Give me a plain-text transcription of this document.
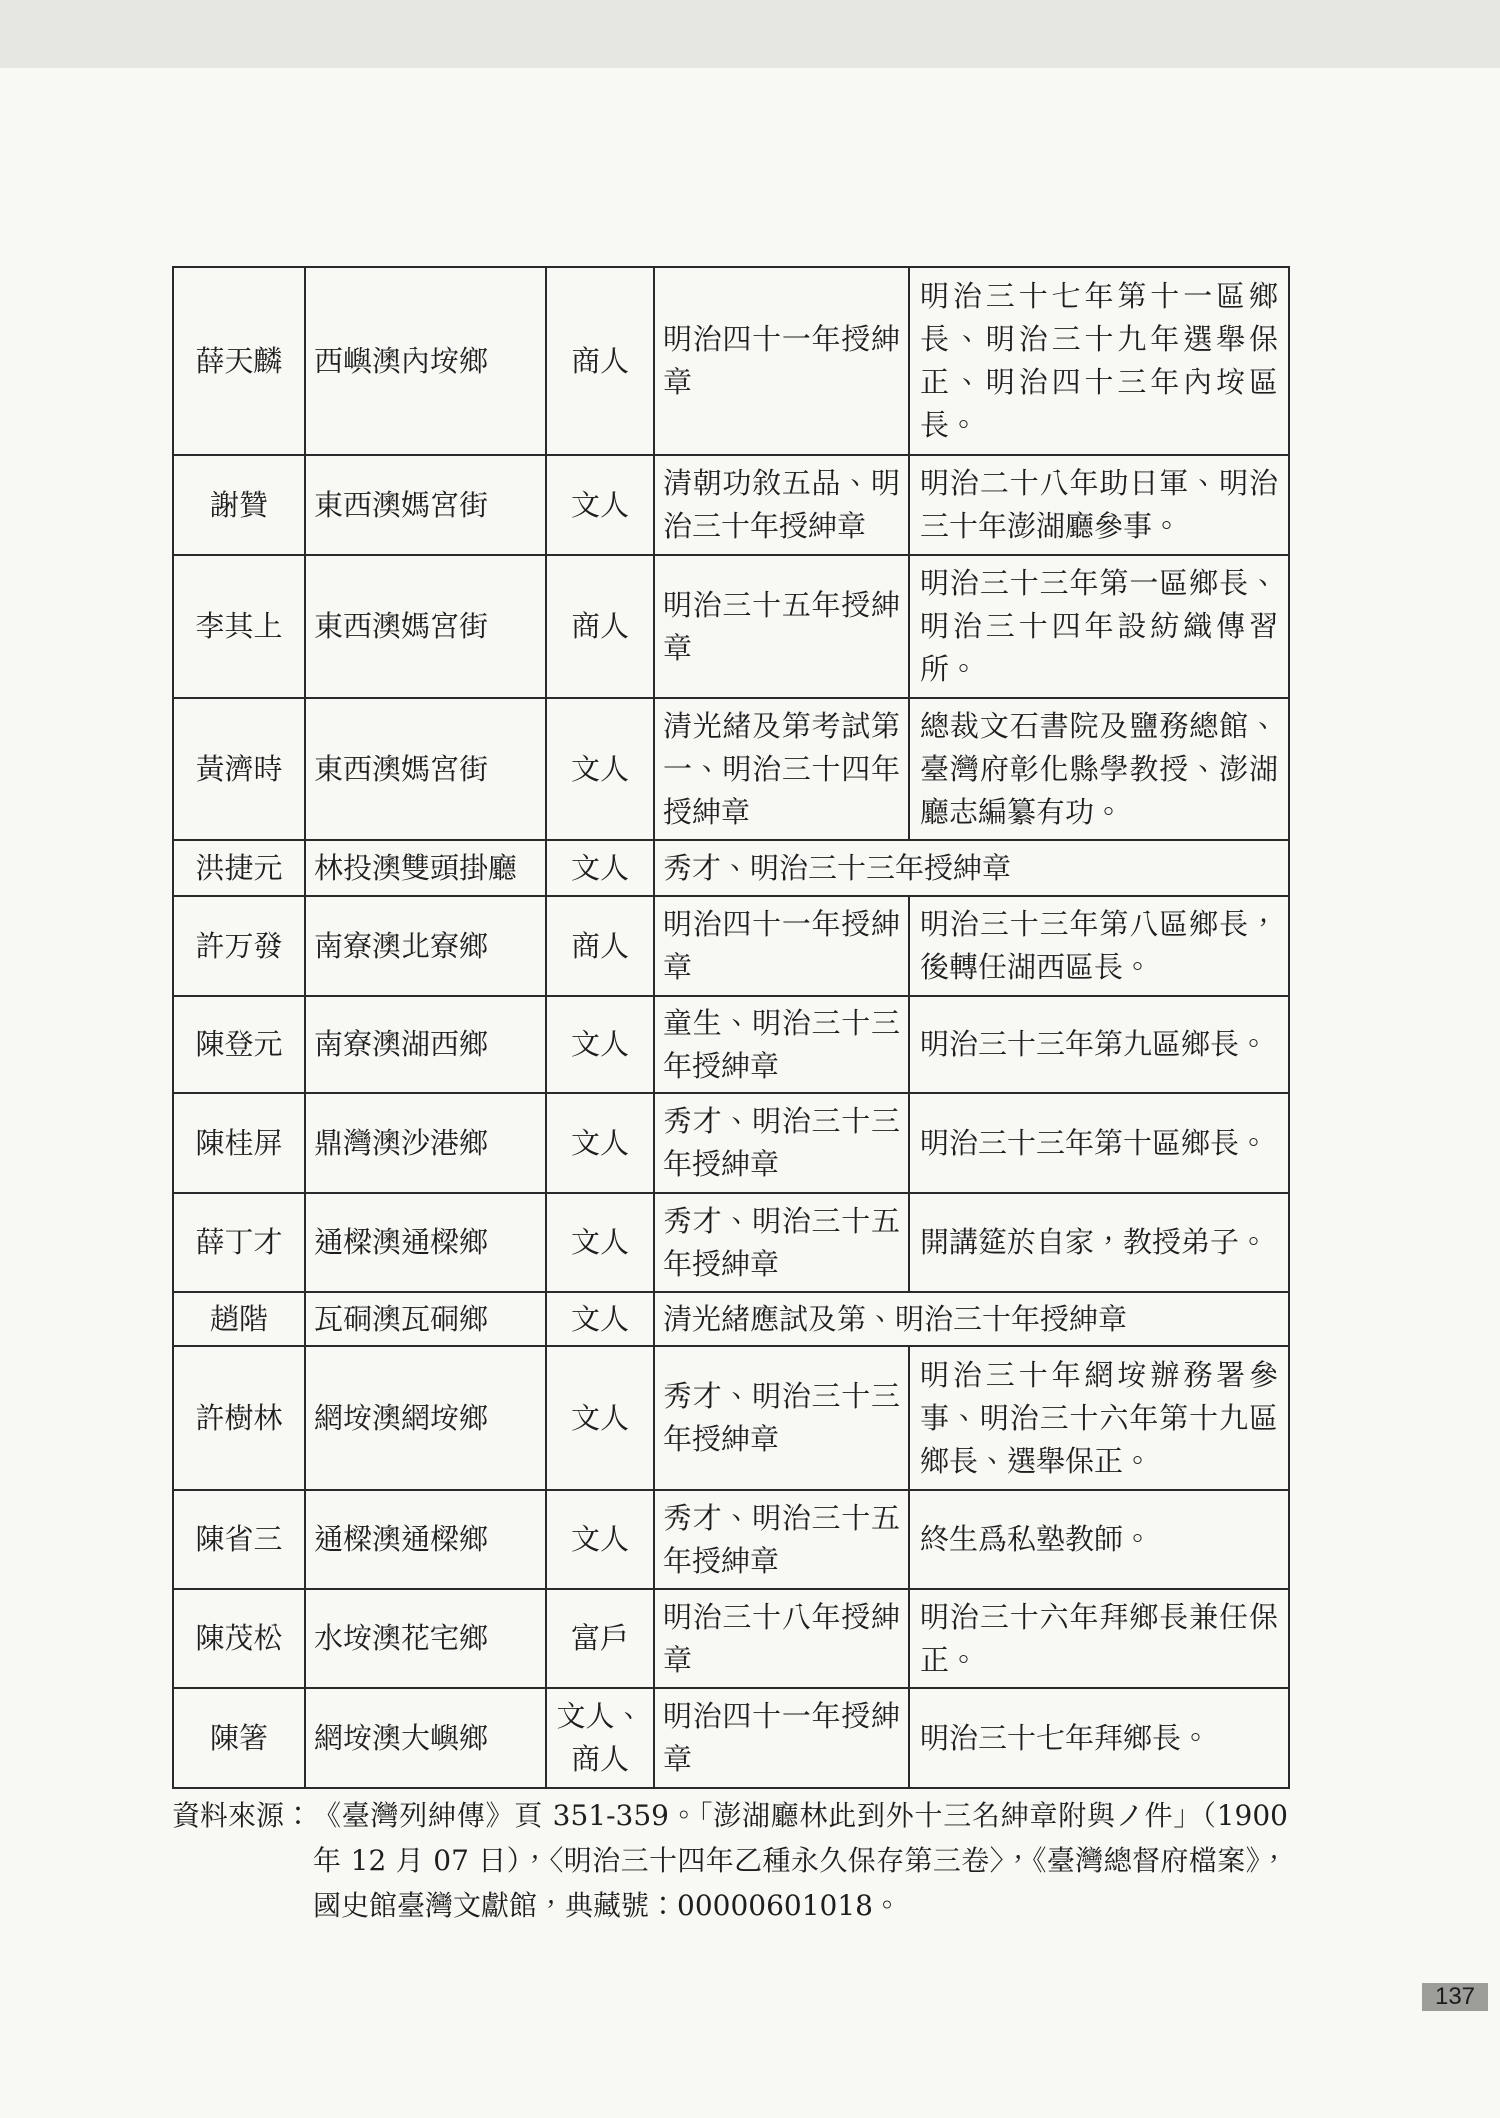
薛天麟	西嶼澳內垵鄉	商人	明治四十一年授紳章	明治三十七年第十一區鄉長、明治三十九年選舉保正、明治四十三年內垵區長。
謝贊	東西澳媽宮街	文人	清朝功敘五品、明治三十年授紳章	明治二十八年助日軍、明治三十年澎湖廳參事。
李其上	東西澳媽宮街	商人	明治三十五年授紳章	明治三十三年第一區鄉長、明治三十四年設紡織傳習所。
黃濟時	東西澳媽宮街	文人	清光緒及第考試第一、明治三十四年授紳章	總裁文石書院及鹽務總館、臺灣府彰化縣學教授、澎湖廳志編纂有功。
洪捷元	林投澳雙頭掛廳	文人	秀才、明治三十三年授紳章	
許万發	南寮澳北寮鄉	商人	明治四十一年授紳章	明治三十三年第八區鄉長，後轉任湖西區長。
陳登元	南寮澳湖西鄉	文人	童生、明治三十三年授紳章	明治三十三年第九區鄉長。
陳桂屏	鼎灣澳沙港鄉	文人	秀才、明治三十三年授紳章	明治三十三年第十區鄉長。
薛丁才	通樑澳通樑鄉	文人	秀才、明治三十五年授紳章	開講筵於自家，教授弟子。
趙階	瓦硐澳瓦硐鄉	文人	清光緒應試及第、明治三十年授紳章	
許樹林	網垵澳網垵鄉	文人	秀才、明治三十三年授紳章	明治三十年網垵辦務署參事、明治三十六年第十九區鄉長、選舉保正。
陳省三	通樑澳通樑鄉	文人	秀才、明治三十五年授紳章	終生爲私塾教師。
陳茂松	水垵澳花宅鄉	富戶	明治三十八年授紳章	明治三十六年拜鄉長兼任保正。
陳箸	網垵澳大嶼鄉	文人、商人	明治四十一年授紳章	明治三十七年拜鄉長。
資料來源： 《臺灣列紳傳》頁 351-359。「澎湖廳林此到外十三名紳章附與ノ件」（1900 年 12 月 07 日），〈明治三十四年乙種永久保存第三卷〉，《臺灣總督府檔案》，國史館臺灣文獻館，典藏號：00000601018。
137
